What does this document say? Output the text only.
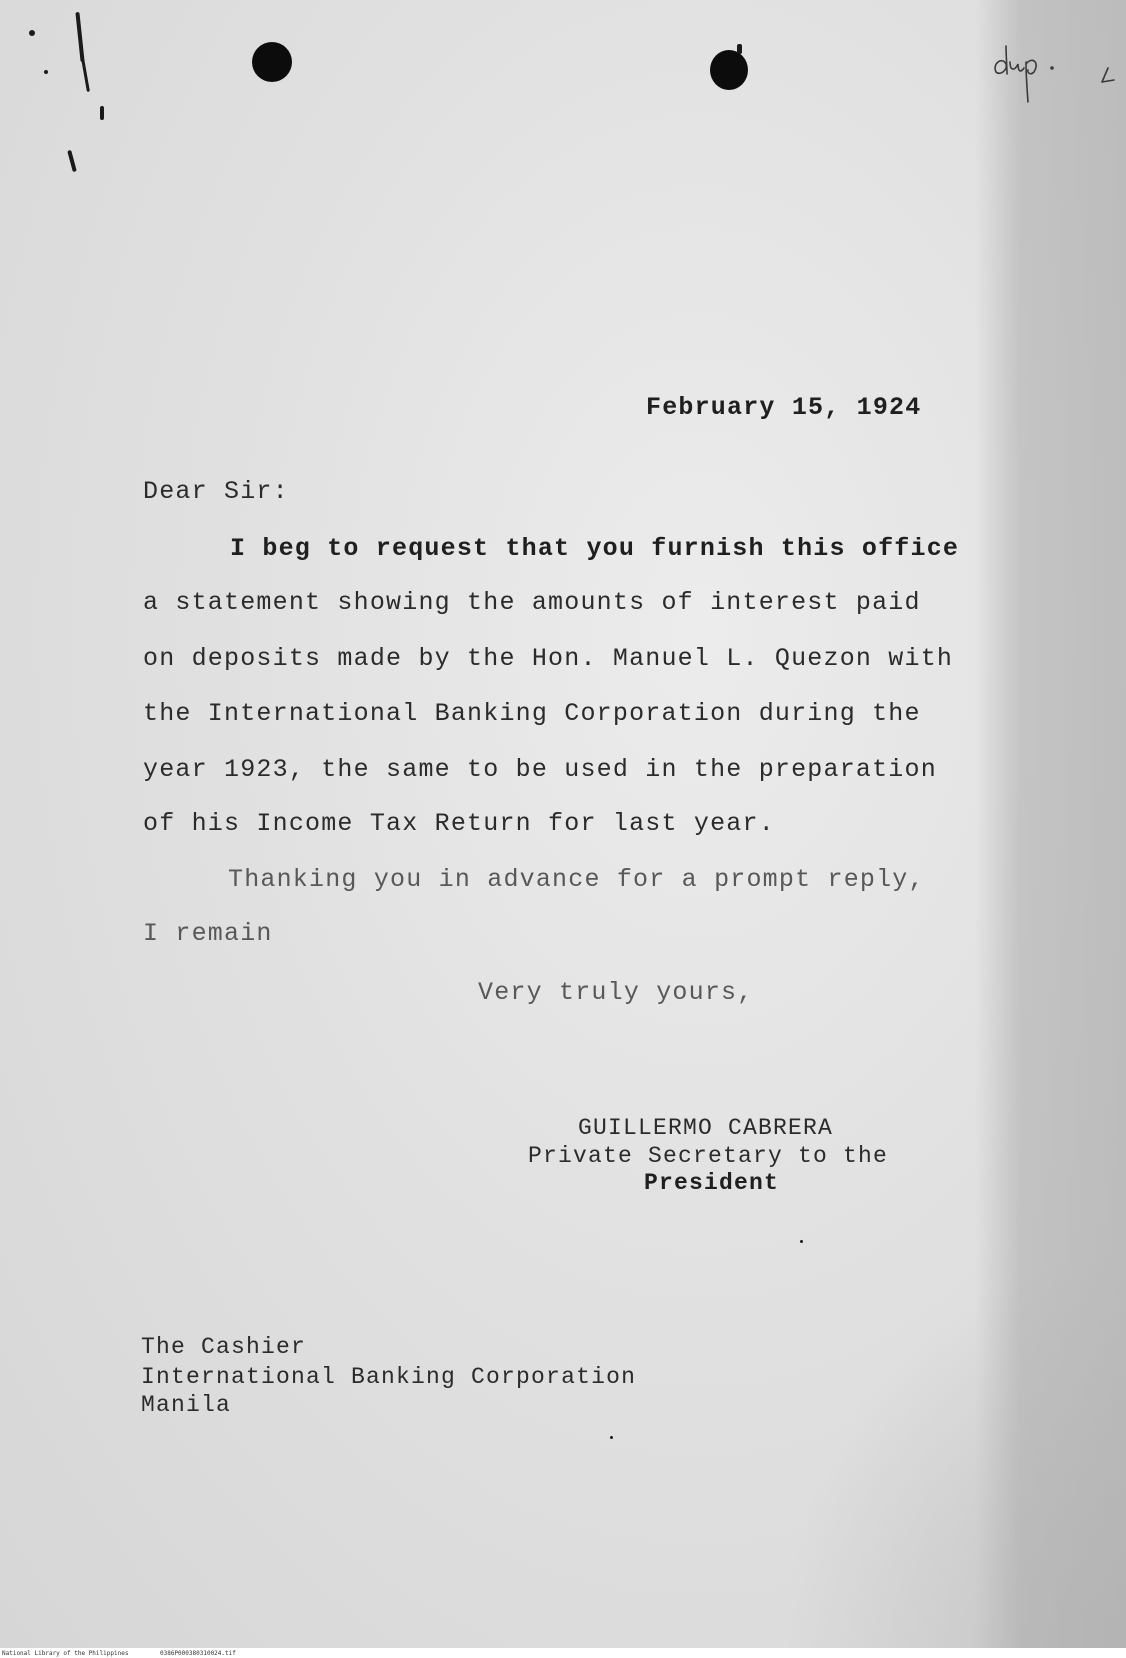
February 15, 1924
Dear Sir:
I beg to request that you furnish this office
a statement showing the amounts of interest paid
on deposits made by the Hon. Manuel L. Quezon with
the International Banking Corporation during the
year 1923, the same to be used in the preparation
of his Income Tax Return for last year.
Thanking you in advance for a prompt reply,
I remain
Very truly yours,
GUILLERMO CABRERA
Private Secretary to the
President
The Cashier
International Banking Corporation
Manila
National Library of the Philippines	0386P000380310024.tif
